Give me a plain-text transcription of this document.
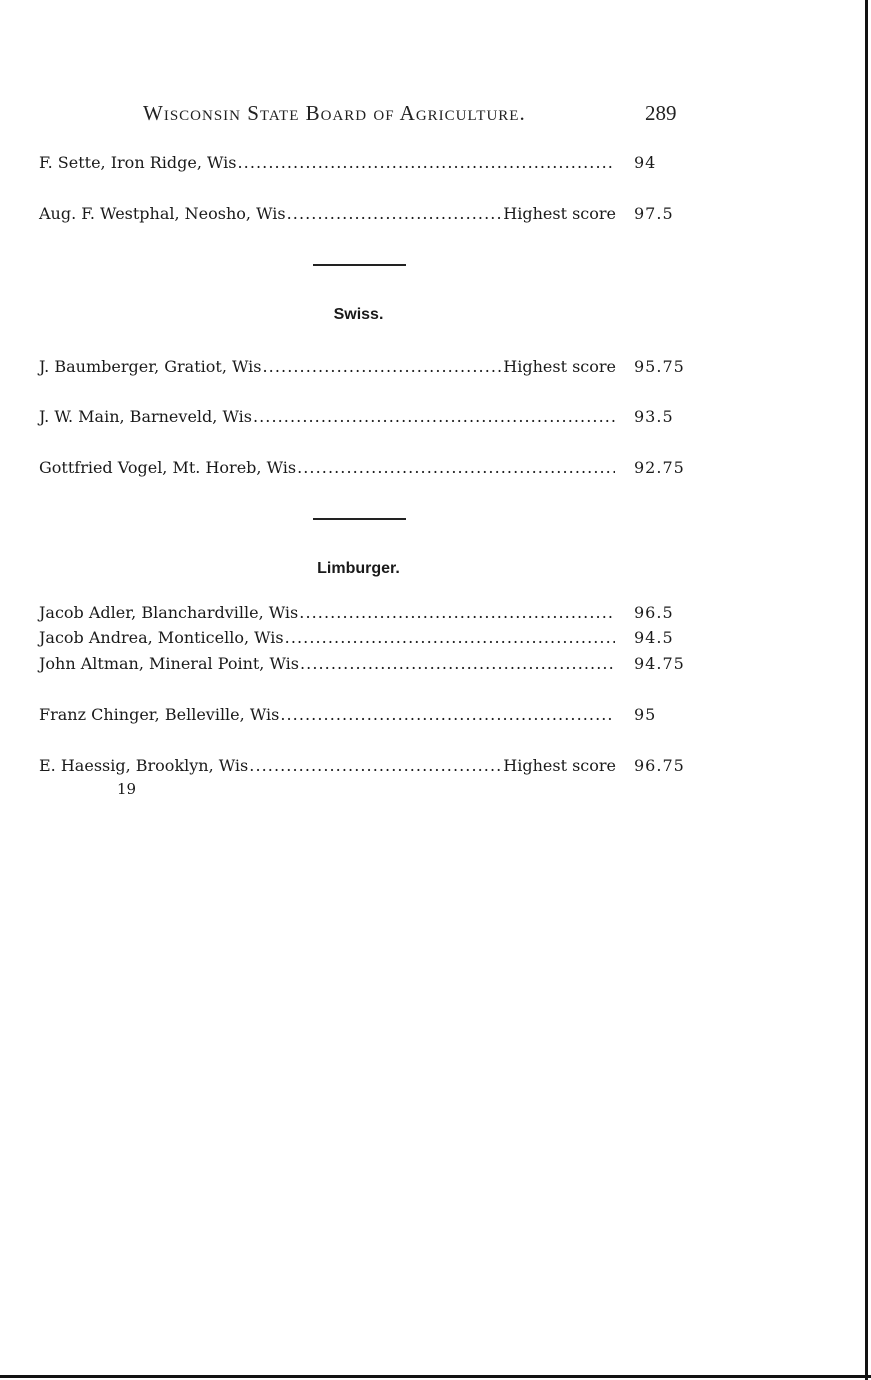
Wisconsin State Board of Agriculture.	289
F. Sette, Iron Ridge, Wis . . .	94
Aug. F. Westphal, Neosho, Wis . . .	Highest score 97.5
Swiss.
J. Baumberger, Gratiot, Wis . . .	Highest score 95.75
J. W. Main, Barneveld, Wis . . .	93.5
Gottfried Vogel, Mt. Horeb, Wis . . .	92.75
Limburger.
Jacob Adler, Blanchardville, Wis . . .	96.5
Jacob Andrea, Monticello, Wis . . .	94.5
John Altman, Mineral Point, Wis . . .	94.75
Franz Chinger, Belleville, Wis . . .	95
E. Haessig, Brooklyn, Wis . . .	Highest score 96.75
19
